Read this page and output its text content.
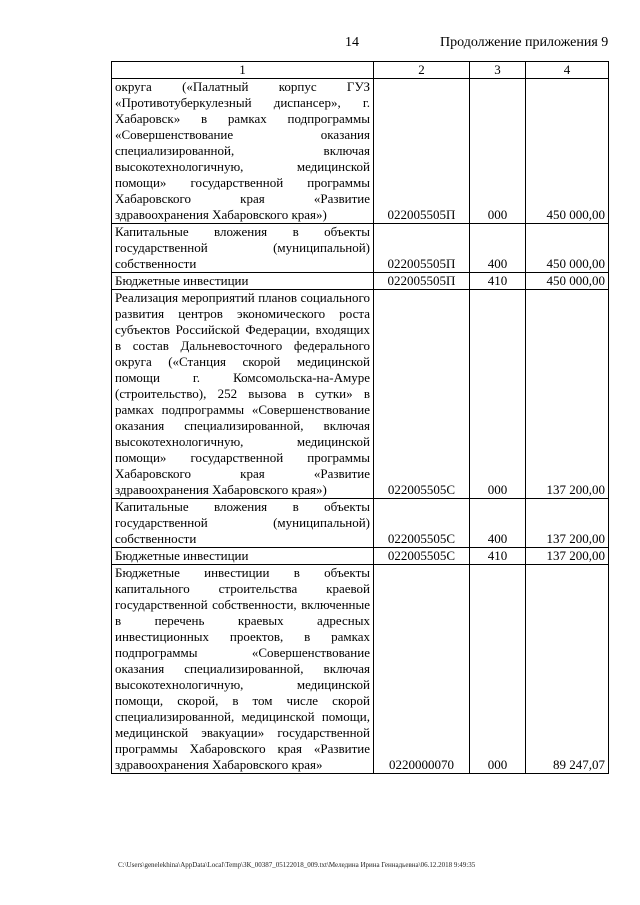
14	Продолжение приложения 9
1	2	3	4
округа («Палатный корпус ГУЗ «Противотуберкулезный диспансер», г. Хабаровск» в рамках подпрограммы «Совершенствование оказания специализированной, включая высокотехнологичную, медицинской помощи» государственной программы Хабаровского края «Развитие здравоохранения Хабаровского края»)	022005505П	000	450 000,00
Капитальные вложения в объекты государственной (муниципальной) собственности	022005505П	400	450 000,00
Бюджетные инвестиции	022005505П	410	450 000,00
Реализация мероприятий планов социального развития центров экономического роста субъектов Российской Федерации, входящих в состав Дальневосточного федерального округа («Станция скорой медицинской помощи г. Комсомольска-на-Амуре (строительство), 252 вызова в сутки» в рамках подпрограммы «Совершенствование оказания специализированной, включая высокотехнологичную, медицинской помощи» государственной программы Хабаровского края «Развитие здравоохранения Хабаровского края»)	022005505С	000	137 200,00
Капитальные вложения в объекты государственной (муниципальной) собственности	022005505С	400	137 200,00
Бюджетные инвестиции	022005505С	410	137 200,00
Бюджетные инвестиции в объекты капитального строительства краевой государственной собственности, включенные в перечень краевых адресных инвестиционных проектов, в рамках подпрограммы «Совершенствование оказания специализированной, включая высокотехнологичную, медицинской помощи, скорой, в том числе скорой специализированной, медицинской помощи, медицинской эвакуации» государственной программы Хабаровского края «Развитие здравоохранения Хабаровского края»	0220000070	000	89 247,07
C:\Users\genelekhina\AppData\Local\Temp\ЗК_00387_05122018_009.txt\Меледина Ирина Геннадьевна\06.12.2018 9:49:35
